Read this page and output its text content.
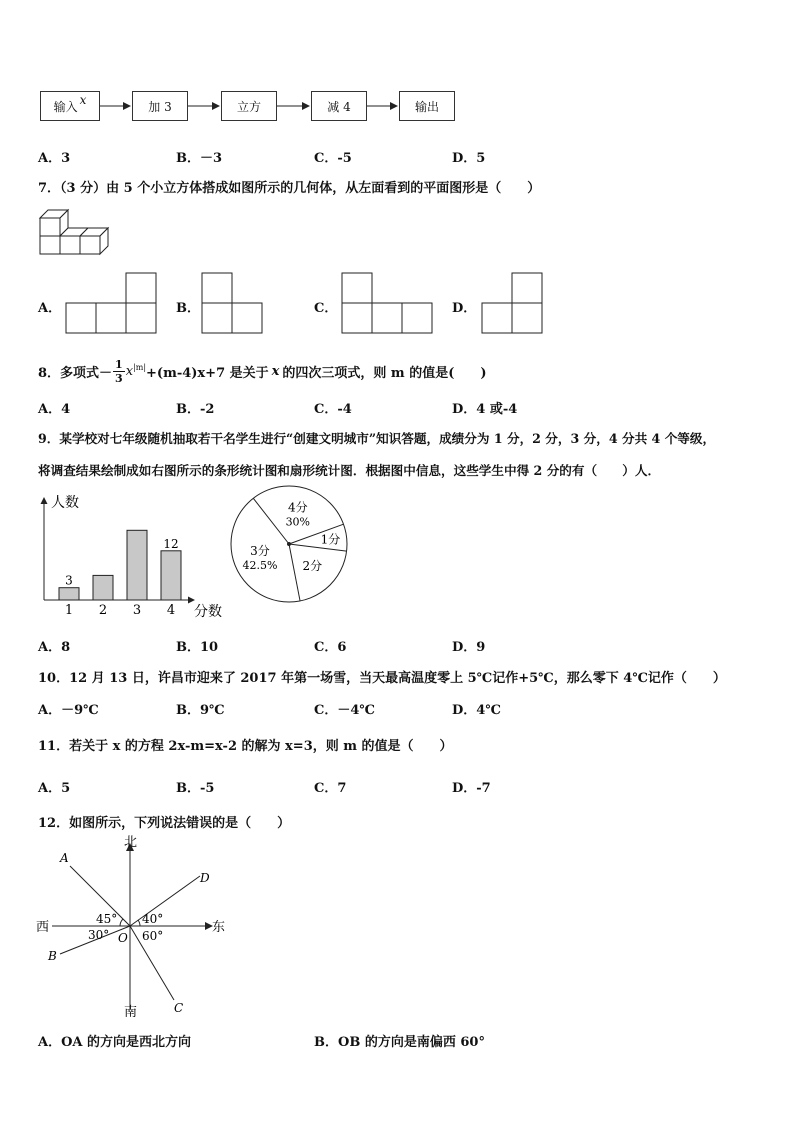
输入 x	加 3	立方	减 4	输出
A．3	B．－3	C．-5	D．5
7．（3 分）由 5 个小立方体搭成如图所示的几何体，从左面看到的平面图形是（　　）
A．	B．	C．	D．
8．多项式－ $\frac{1}{3} x^{|m|} +(m-4)x+7$ 是关于 x 的四次三项式，则 m 的值是(　　)
A．4	B．-2	C．-4	D．4 或-4
9．某学校对七年级随机抽取若干名学生进行“创建文明城市”知识答题，成绩分为 1 分，2 分，3 分，4 分共 4 个等级，
将调查结果绘制成如右图所示的条形统计图和扇形统计图．根据图中信息，这些学生中得 2 分的有（　　）人．
人数
分数
1
3
2 3 4
12
4分
30%
1分
2分
3分
42.5%
A．8	B．10	C．6	D．9
10．12 月 13 日，许昌市迎来了 2017 年第一场雪，当天最高温度零上 5℃记作+5℃，那么零下 4℃记作（　　）
A．－9℃	B．9℃	C．－4℃	D．4℃
11．若关于 x 的方程 2x-m=x-2 的解为 x=3，则 m 的值是（　　）
A．5	B．-5	C．7	D．-7
12．如图所示，下列说法错误的是（　　）
北
南
西	东
A
B
C
D
O
45° 40°
30°	60°
A．OA 的方向是西北方向	B．OB 的方向是南偏西 60°
